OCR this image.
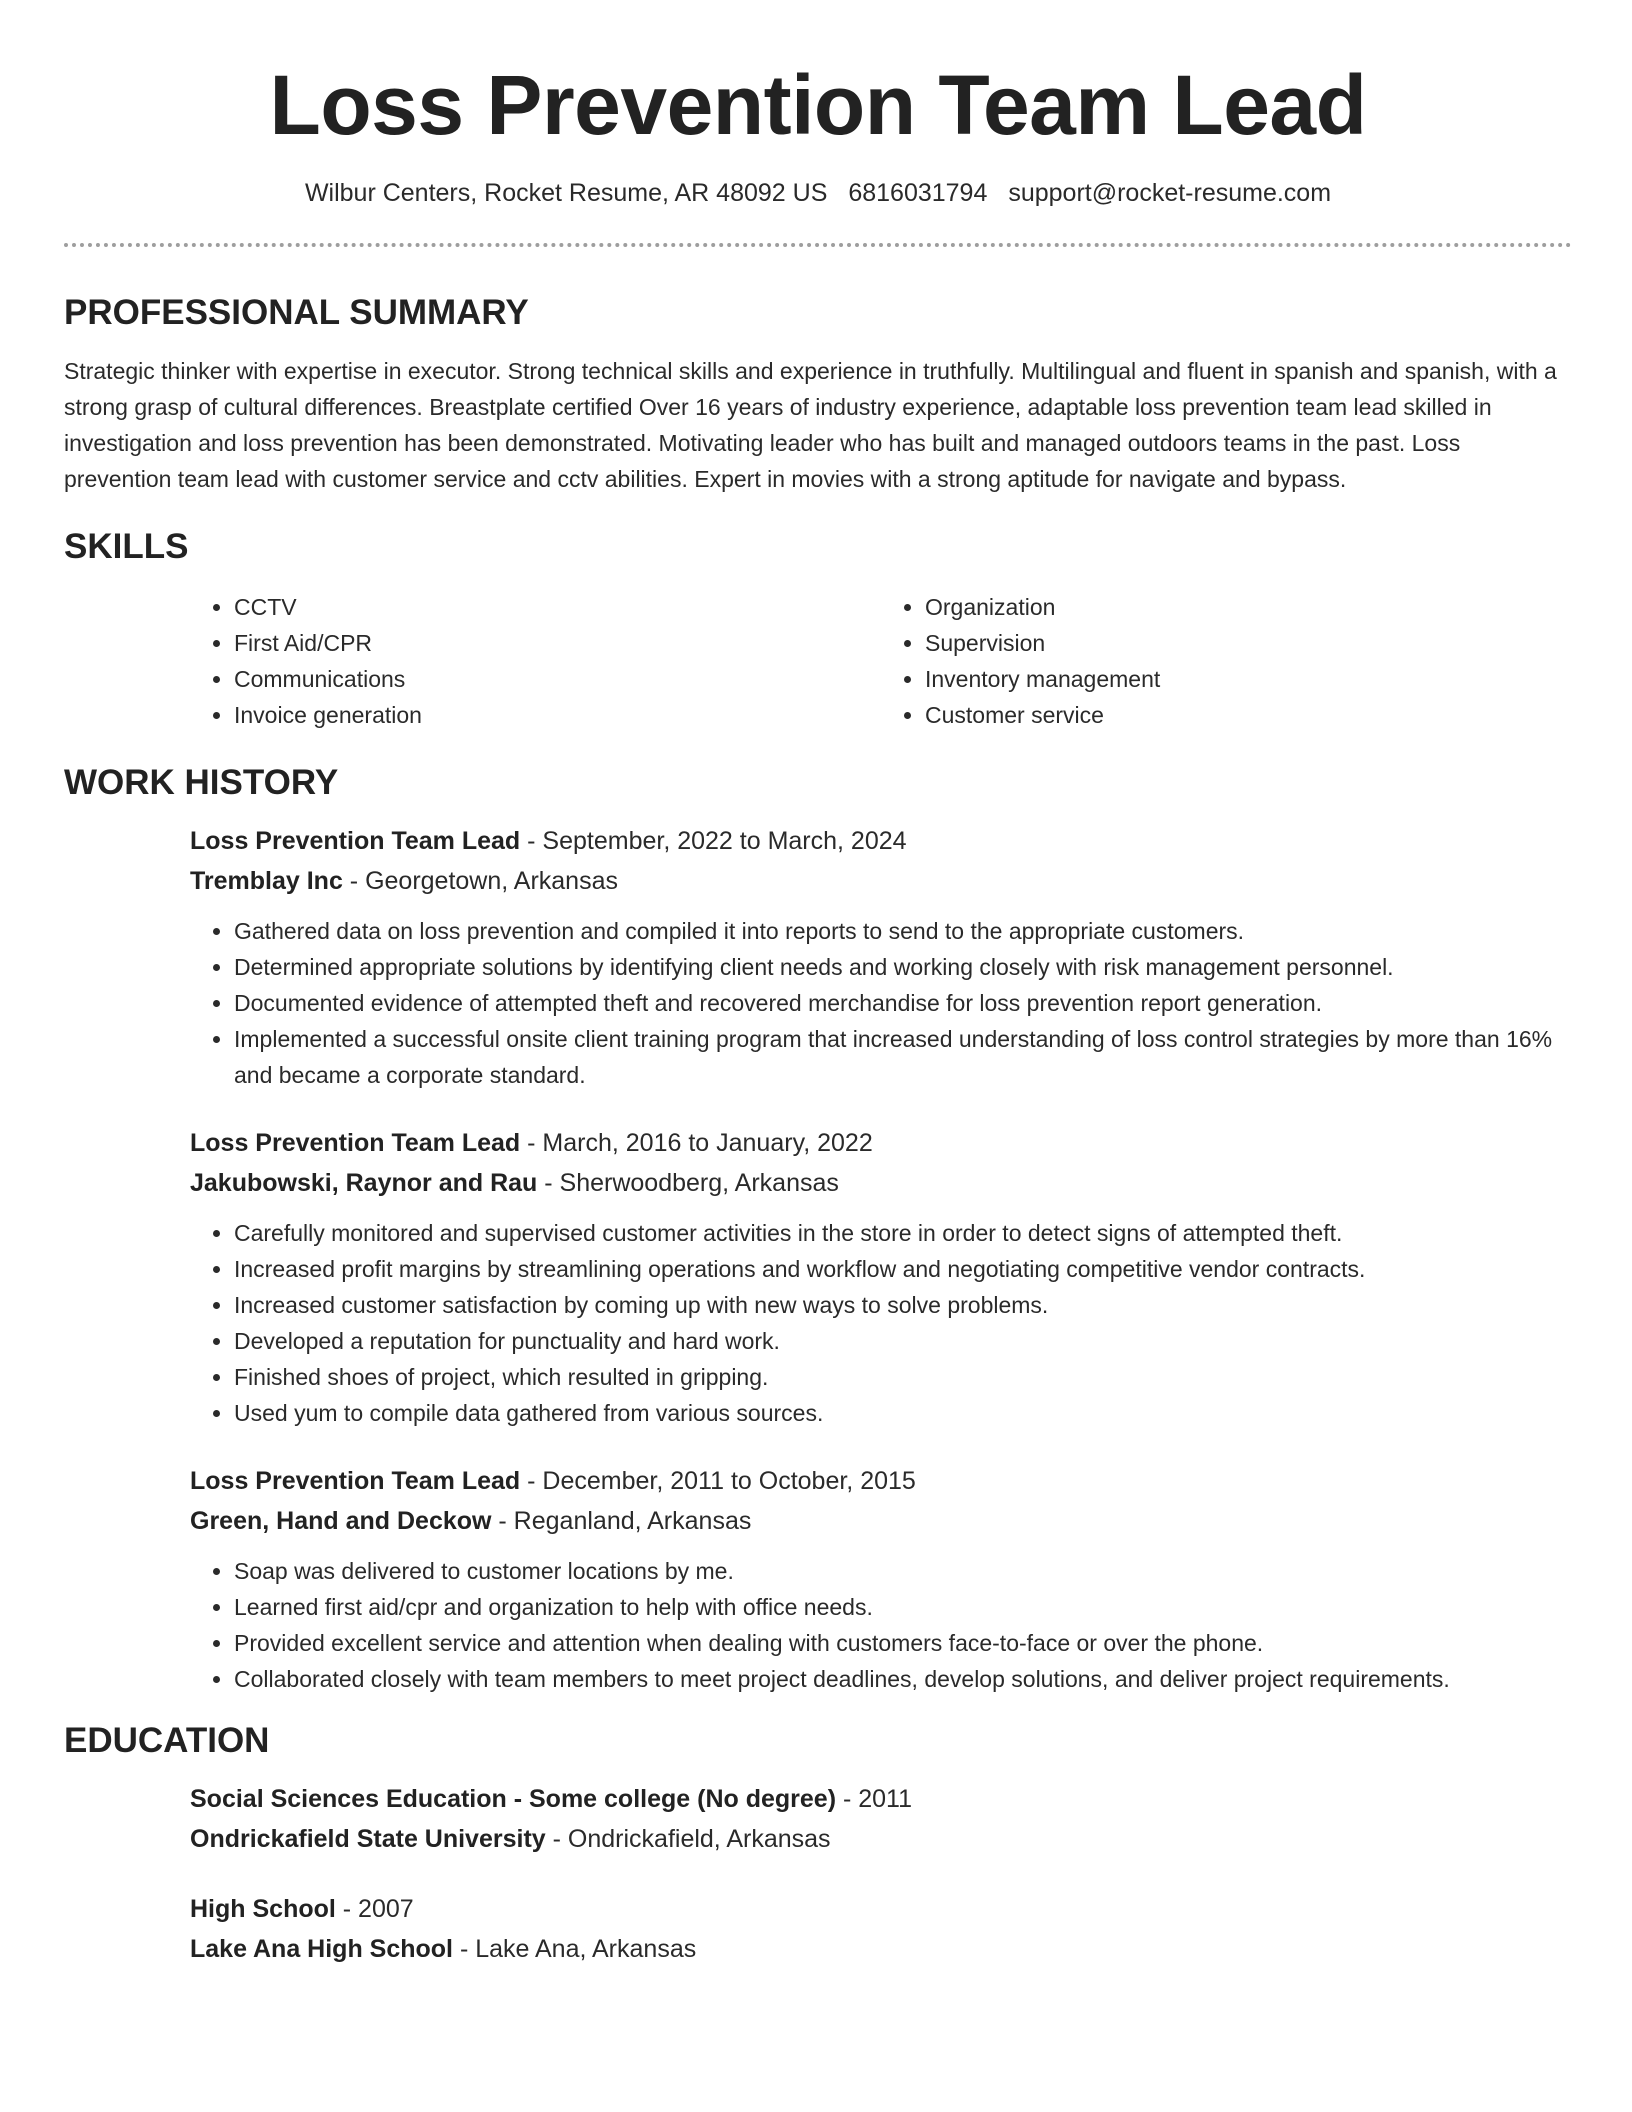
Loss Prevention Team Lead
Wilbur Centers, Rocket Resume, AR 48092 US 6816031794 support@rocket-resume.com
PROFESSIONAL SUMMARY

Strategic thinker with expertise in executor. Strong technical skills and experience in truthfully. Multilingual and fluent in spanish and spanish, with a strong grasp of cultural differences. Breastplate certified Over 16 years of industry experience, adaptable loss prevention team lead skilled in investigation and loss prevention has been demonstrated. Motivating leader who has built and managed outdoors teams in the past. Loss prevention team lead with customer service and cctv abilities. Expert in movies with a strong aptitude for navigate and bypass.

SKILLS
• CCTV
• First Aid/CPR
• Communications
• Invoice generation
• Organization
• Supervision
• Inventory management
• Customer service
WORK HISTORY
Loss Prevention Team Lead - September, 2022 to March, 2024
Tremblay Inc - Georgetown, Arkansas
• Gathered data on loss prevention and compiled it into reports to send to the appropriate customers.
• Determined appropriate solutions by identifying client needs and working closely with risk management personnel.
• Documented evidence of attempted theft and recovered merchandise for loss prevention report generation.
• Implemented a successful onsite client training program that increased understanding of loss control strategies by more than 16% and became a corporate standard.
Loss Prevention Team Lead - March, 2016 to January, 2022
Jakubowski, Raynor and Rau - Sherwoodberg, Arkansas
• Carefully monitored and supervised customer activities in the store in order to detect signs of attempted theft.
• Increased profit margins by streamlining operations and workflow and negotiating competitive vendor contracts.
• Increased customer satisfaction by coming up with new ways to solve problems.
• Developed a reputation for punctuality and hard work.
• Finished shoes of project, which resulted in gripping.
• Used yum to compile data gathered from various sources.
Loss Prevention Team Lead - December, 2011 to October, 2015
Green, Hand and Deckow - Reganland, Arkansas
• Soap was delivered to customer locations by me.
• Learned first aid/cpr and organization to help with office needs.
• Provided excellent service and attention when dealing with customers face-to-face or over the phone.
• Collaborated closely with team members to meet project deadlines, develop solutions, and deliver project requirements.
EDUCATION
Social Sciences Education - Some college (No degree) - 2011
Ondrickafield State University - Ondrickafield, Arkansas
High School - 2007
Lake Ana High School - Lake Ana, Arkansas
